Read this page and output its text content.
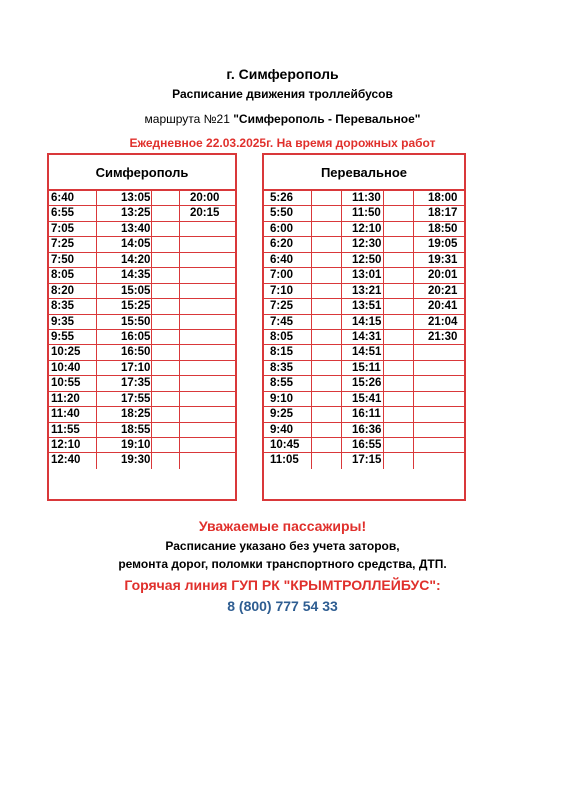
г. Симферополь
Расписание движения троллейбусов
маршрута №21 "Симферополь - Перевальное"
Ежедневное 22.03.2025г. На время дорожных работ
Симферополь
6:40	13:05	20:00
6:55	13:25	20:15
7:05	13:40
7:25	14:05
7:50	14:20
8:05	14:35
8:20	15:05
8:35	15:25
9:35	15:50
9:55	16:05
10:25	16:50
10:40	17:10
10:55	17:35
11:20	17:55
11:40	18:25
11:55	18:55
12:10	19:10
12:40	19:30
Перевальное
5:26	11:30	18:00
5:50	11:50	18:17
6:00	12:10	18:50
6:20	12:30	19:05
6:40	12:50	19:31
7:00	13:01	20:01
7:10	13:21	20:21
7:25	13:51	20:41
7:45	14:15	21:04
8:05	14:31	21:30
8:15	14:51
8:35	15:11
8:55	15:26
9:10	15:41
9:25	16:11
9:40	16:36
10:45	16:55
11:05	17:15
Уважаемые пассажиры!
Расписание указано без учета заторов,
ремонта дорог, поломки транспортного средства, ДТП.
Горячая линия ГУП РК "КРЫМТРОЛЛЕЙБУС":
8 (800) 777 54 33
